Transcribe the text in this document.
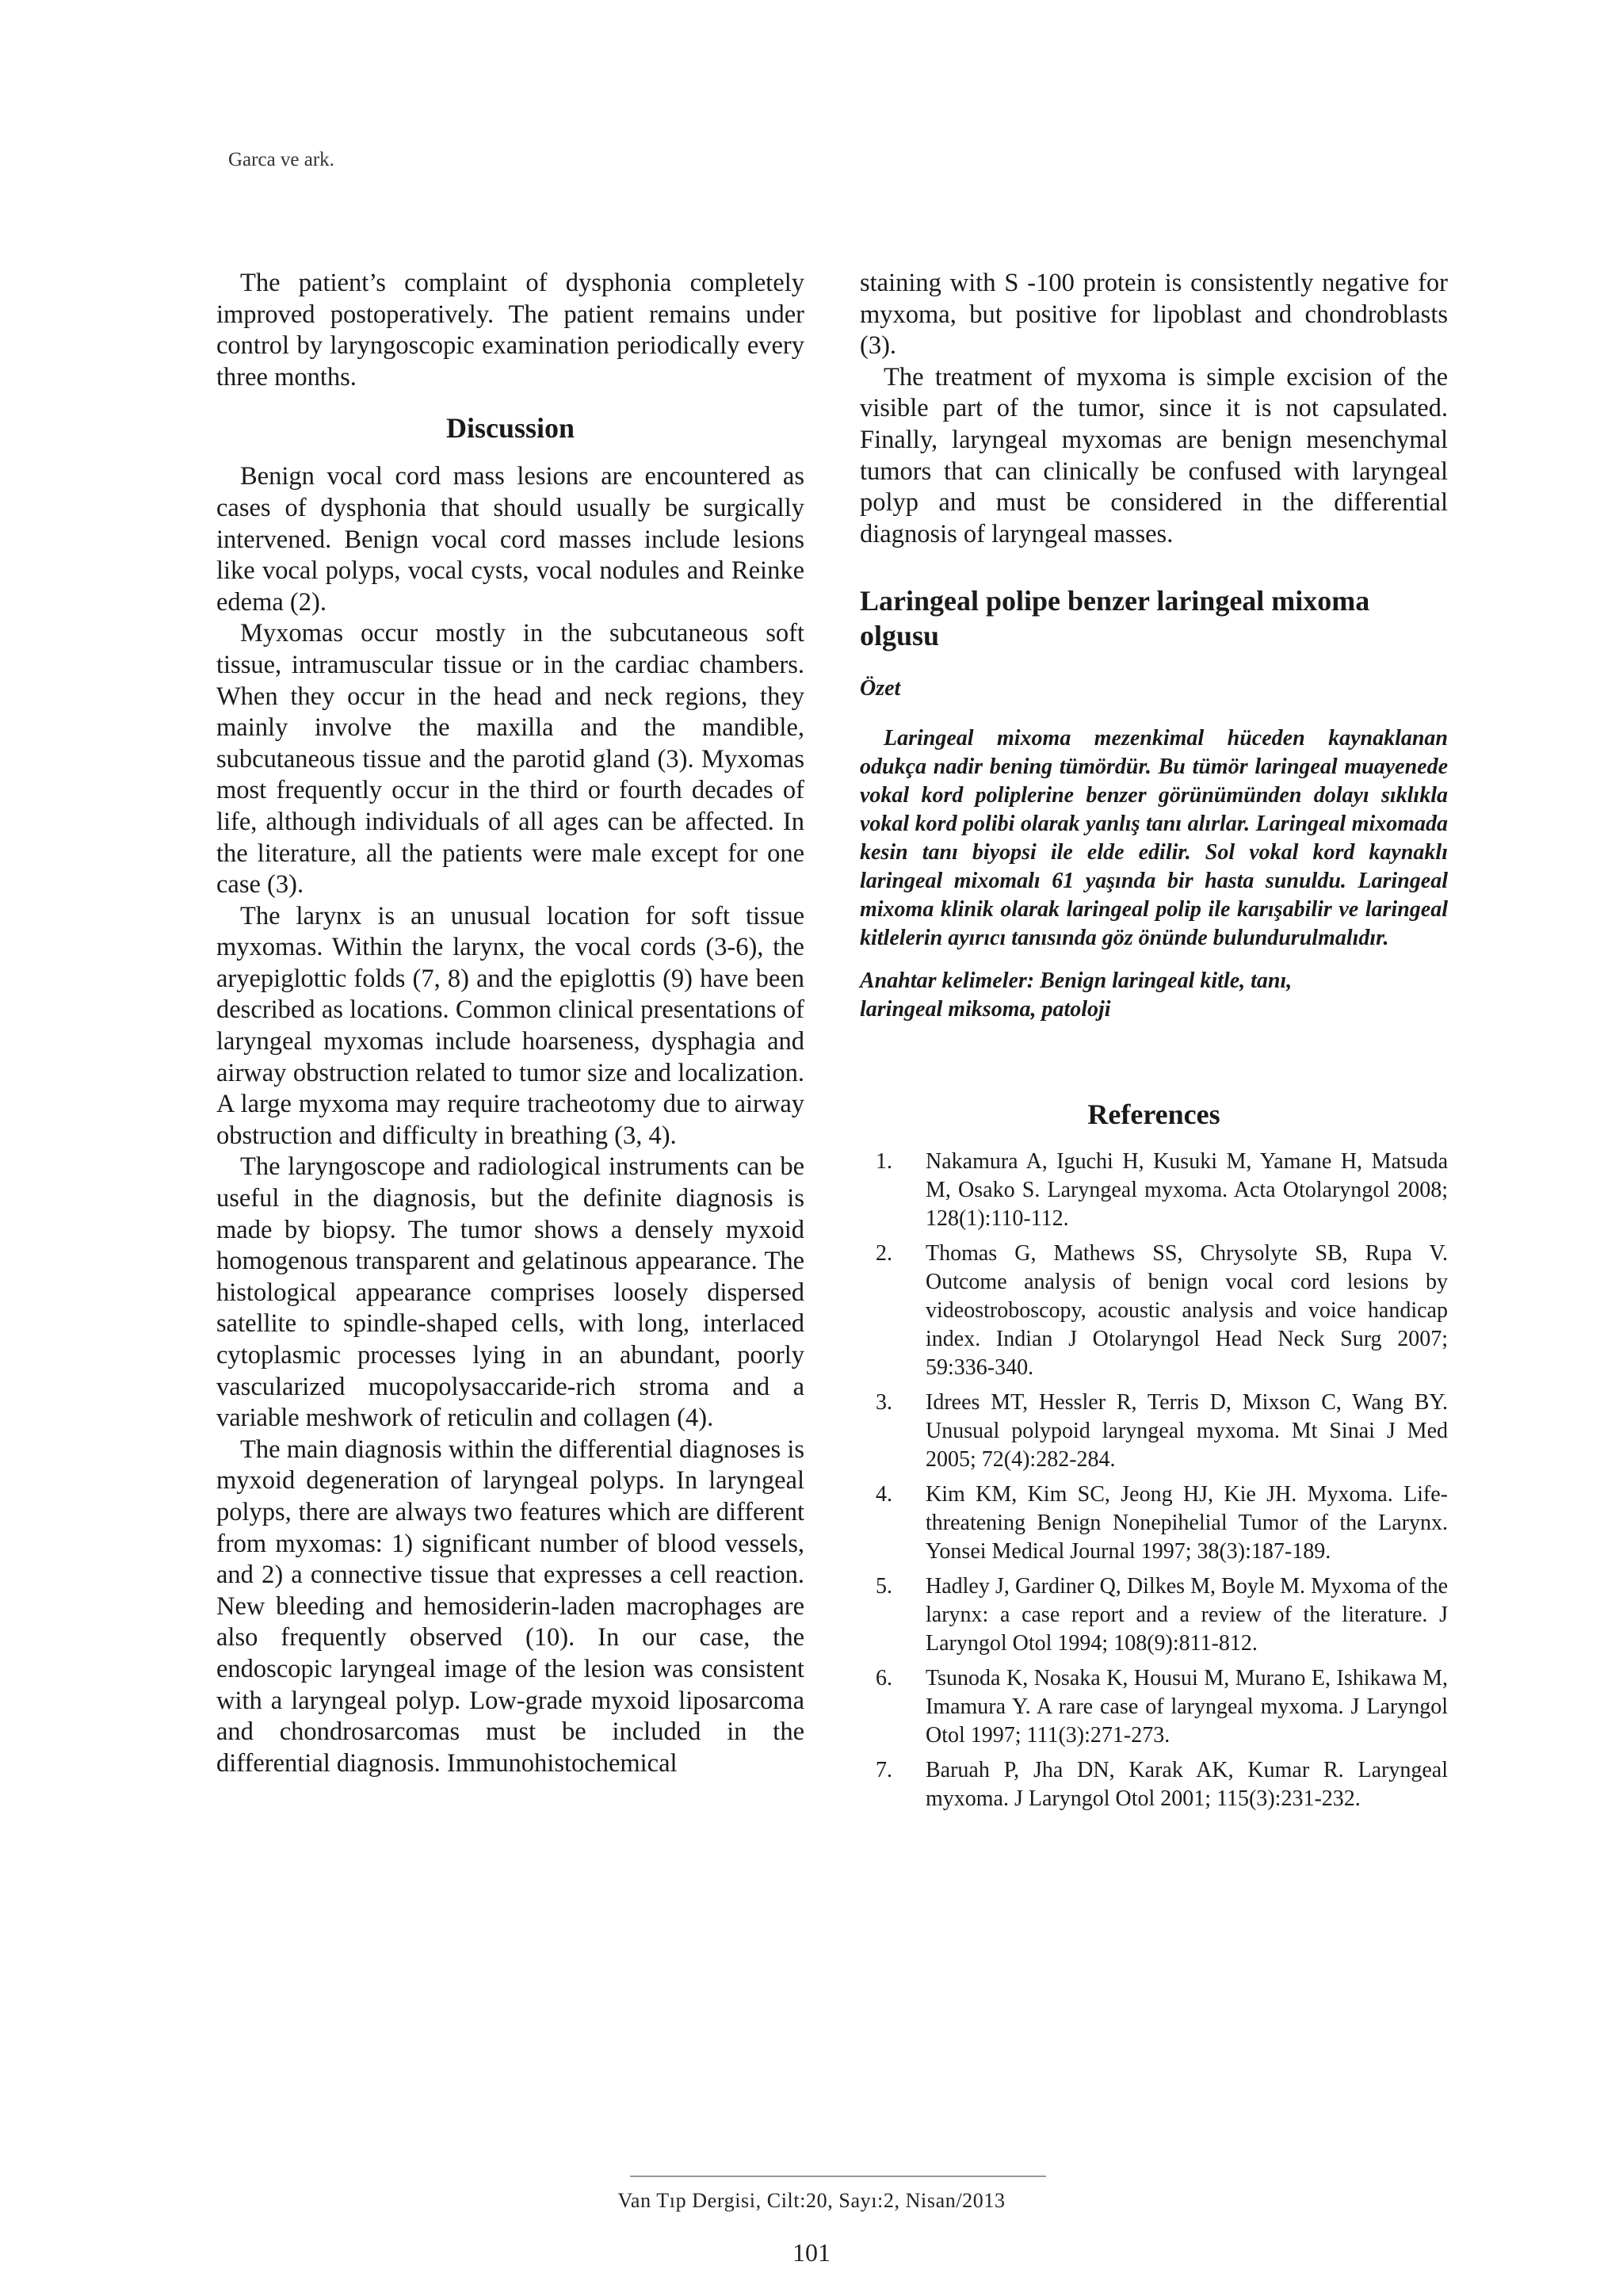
Garca ve ark.

The patient’s complaint of dysphonia completely improved postoperatively. The patient remains under control by laryngoscopic examination periodically every three months.

Discussion

Benign vocal cord mass lesions are encountered as cases of dysphonia that should usually be surgically intervened. Benign vocal cord masses include lesions like vocal polyps, vocal cysts, vocal nodules and Reinke edema (2).

Myxomas occur mostly in the subcutaneous soft tissue, intramuscular tissue or in the cardiac chambers. When they occur in the head and neck regions, they mainly involve the maxilla and the mandible, subcutaneous tissue and the parotid gland (3). Myxomas most frequently occur in the third or fourth decades of life, although individuals of all ages can be affected. In the literature, all the patients were male except for one case (3).

The larynx is an unusual location for soft tissue myxomas. Within the larynx, the vocal cords (3-6), the aryepiglottic folds (7, 8) and the epiglottis (9) have been described as locations. Common clinical presentations of laryngeal myxomas include hoarseness, dysphagia and airway obstruction related to tumor size and localization. A large myxoma may require tracheotomy due to airway obstruction and difficulty in breathing (3, 4).

The laryngoscope and radiological instruments can be useful in the diagnosis, but the definite diagnosis is made by biopsy. The tumor shows a densely myxoid homogenous transparent and gelatinous appearance. The histological appearance comprises loosely dispersed satellite to spindle-shaped cells, with long, interlaced cytoplasmic processes lying in an abundant, poorly vascularized mucopolysaccaride-rich stroma and a variable meshwork of reticulin and collagen (4).

The main diagnosis within the differential diagnoses is myxoid degeneration of laryngeal polyps. In laryngeal polyps, there are always two features which are different from myxomas: 1) significant number of blood vessels, and 2) a connective tissue that expresses a cell reaction. New bleeding and hemosiderin-laden macrophages are also frequently observed (10). In our case, the endoscopic laryngeal image of the lesion was consistent with a laryngeal polyp. Low-grade myxoid liposarcoma and chondrosarcomas must be included in the differential diagnosis. Immunohistochemical

staining with S -100 protein is consistently negative for myxoma, but positive for lipoblast and chondroblasts (3).

The treatment of myxoma is simple excision of the visible part of the tumor, since it is not capsulated. Finally, laryngeal myxomas are benign mesenchymal tumors that can clinically be confused with laryngeal polyp and must be considered in the differential diagnosis of laryngeal masses.

Laringeal polipe benzer laringeal mixoma olgusu
Özet

Laringeal mixoma mezenkimal hüceden kaynaklanan odukça nadir bening tümördür. Bu tümör laringeal muayenede vokal kord poliplerine benzer görünümünden dolayı sıklıkla vokal kord polibi olarak yanlış tanı alırlar. Laringeal mixomada kesin tanı biyopsi ile elde edilir. Sol vokal kord kaynaklı laringeal mixomalı 61 yaşında bir hasta sunuldu. Laringeal mixoma klinik olarak laringeal polip ile karışabilir ve laringeal kitlelerin ayırıcı tanısında göz önünde bulundurulmalıdır.

Anahtar kelimeler: Benign laringeal kitle, tanı,
laringeal miksoma, patoloji
References
1. Nakamura A, Iguchi H, Kusuki M, Yamane H, Matsuda M, Osako S. Laryngeal myxoma. Acta Otolaryngol 2008; 128(1):110-112.
2. Thomas G, Mathews SS, Chrysolyte SB, Rupa V. Outcome analysis of benign vocal cord lesions by videostroboscopy, acoustic analysis and voice handicap index. Indian J Otolaryngol Head Neck Surg 2007; 59:336-340.
3. Idrees MT, Hessler R, Terris D, Mixson C, Wang BY. Unusual polypoid laryngeal myxoma. Mt Sinai J Med 2005; 72(4):282-284.
4. Kim KM, Kim SC, Jeong HJ, Kie JH. Myxoma. Life-threatening Benign Nonepihelial Tumor of the Larynx. Yonsei Medical Journal 1997; 38(3):187-189.
5. Hadley J, Gardiner Q, Dilkes M, Boyle M. Myxoma of the larynx: a case report and a review of the literature. J Laryngol Otol 1994; 108(9):811-812.
6. Tsunoda K, Nosaka K, Housui M, Murano E, Ishikawa M, Imamura Y. A rare case of laryngeal myxoma. J Laryngol Otol 1997; 111(3):271-273.
7. Baruah P, Jha DN, Karak AK, Kumar R. Laryngeal myxoma. J Laryngol Otol 2001; 115(3):231-232.
Van Tıp Dergisi, Cilt:20, Sayı:2, Nisan/2013
101
